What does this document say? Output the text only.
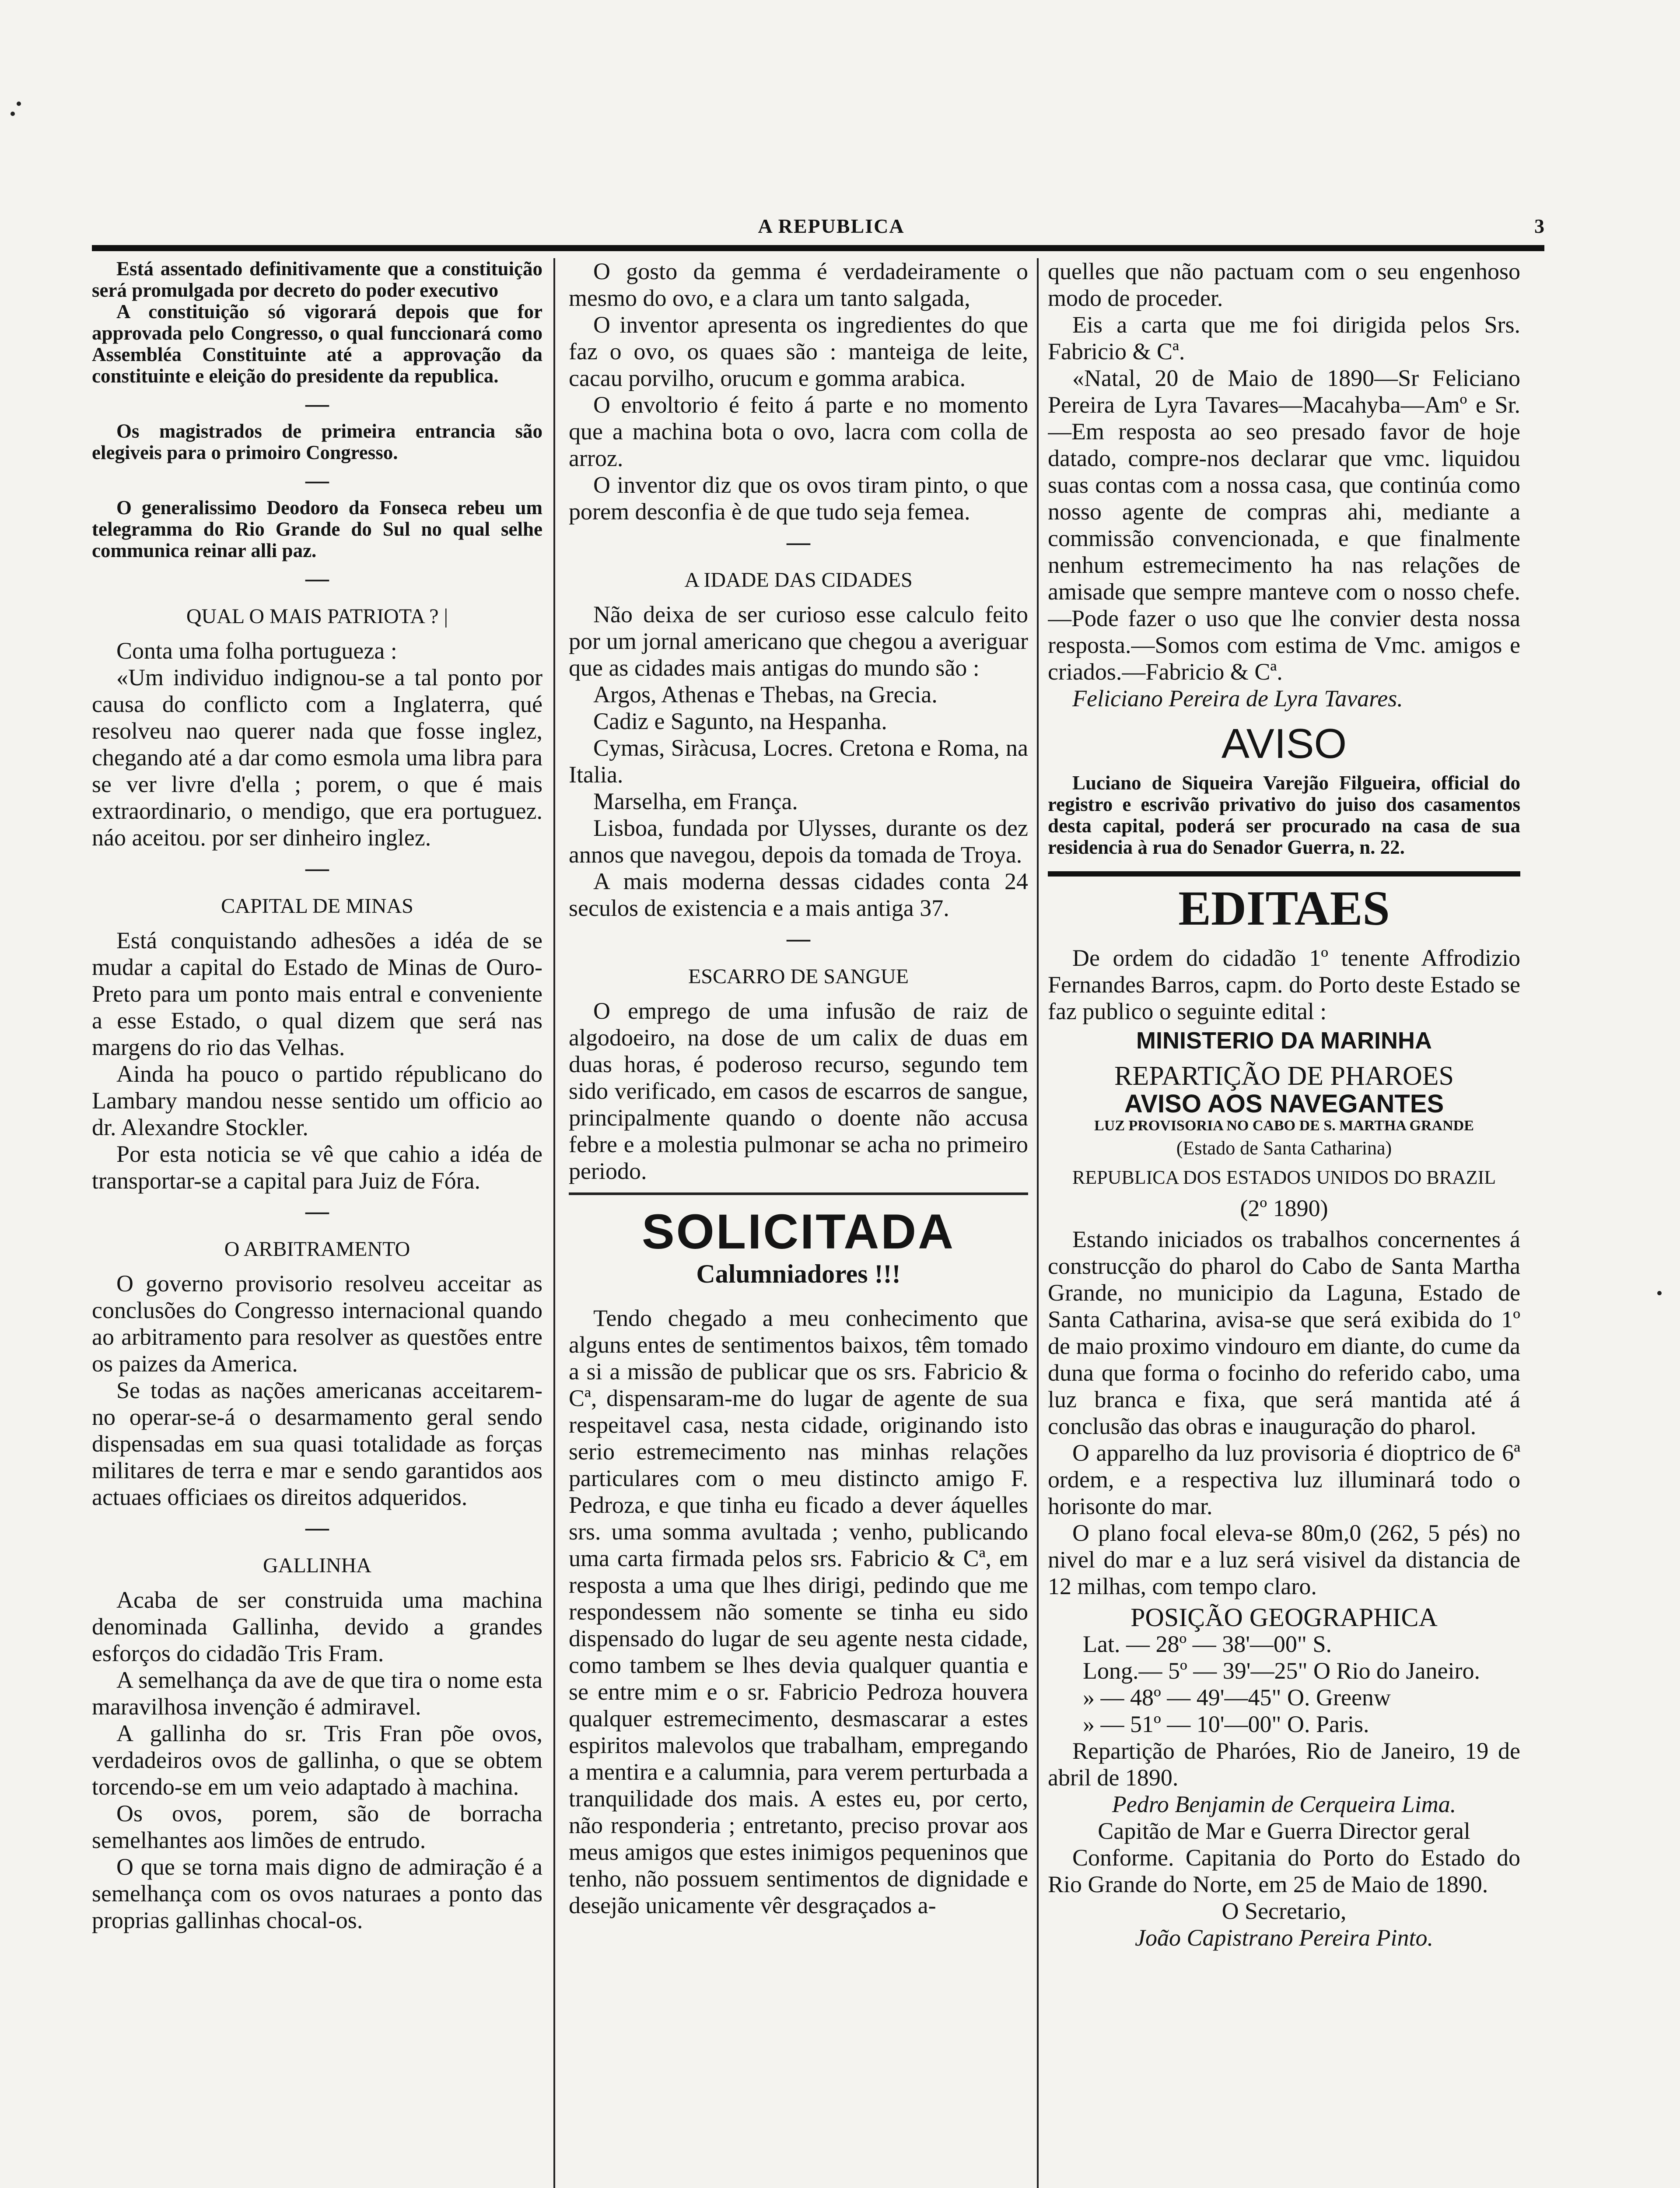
A REPUBLICA	3

Está assentado definitivamente que a constituição será promulgada por decreto do poder executivo

A constituição só vigorará depois que for approvada pelo Congresso, o qual funccionará como Assembléa Constituinte até a approvação da constituinte e eleição do presidente da republica.

—

Os magistrados de primeira entrancia são elegiveis para o primoiro Congresso.

—

O generalissimo Deodoro da Fonseca rebeu um telegramma do Rio Grande do Sul no qual selhe communica reinar alli paz.

—
QUAL O MAIS PATRIOTA ? |

Conta uma folha portugueza :

«Um individuo indignou-se a tal ponto por causa do conflicto com a Inglaterra, qué resolveu nao querer nada que fosse inglez, chegando até a dar como esmola uma libra para se ver livre d'ella ; porem, o que é mais extraordinario, o mendigo, que era portuguez. náo aceitou. por ser dinheiro inglez.

—
CAPITAL DE MINAS

Está conquistando adhesões a idéa de se mudar a capital do Estado de Minas de Ouro-Preto para um ponto mais entral e conveniente a esse Estado, o qual dizem que será nas margens do rio das Velhas.

Ainda ha pouco o partido républicano do Lambary mandou nesse sentido um officio ao dr. Alexandre Stockler.

Por esta noticia se vê que cahio a idéa de transportar-se a capital para Juiz de Fóra.

—
O ARBITRAMENTO

O governo provisorio resolveu acceitar as conclusões do Congresso internacional quando ao arbitramento para resolver as questões entre os paizes da America.

Se todas as nações americanas acceitarem-no operar-se-á o desarmamento geral sendo dispensadas em sua quasi totalidade as forças militares de terra e mar e sendo garantidos aos actuaes officiaes os direitos adqueridos.

—
GALLINHA

Acaba de ser construida uma machina denominada Gallinha, devido a grandes esforços do cidadão Tris Fram.

A semelhança da ave de que tira o nome esta maravilhosa invenção é admiravel.

A gallinha do sr. Tris Fran põe ovos, verdadeiros ovos de gallinha, o que se obtem torcendo-se em um veio adaptado à machina.

Os ovos, porem, são de borracha semelhantes aos limões de entrudo.

O que se torna mais digno de admiração é a semelhança com os ovos naturaes a ponto das proprias gallinhas chocal-os.

O gosto da gemma é verdadeiramente o mesmo do ovo, e a clara um tanto salgada,

O inventor apresenta os ingredientes do que faz o ovo, os quaes são : manteiga de leite, cacau porvilho, orucum e gomma arabica.

O envoltorio é feito á parte e no momento que a machina bota o ovo, lacra com colla de arroz.

O inventor diz que os ovos tiram pinto, o que porem desconfia è de que tudo seja femea.

—
A IDADE DAS CIDADES

Não deixa de ser curioso esse calculo feito por um jornal americano que chegou a averiguar que as cidades mais antigas do mundo são :

Argos, Athenas e Thebas, na Grecia.

Cadiz e Sagunto, na Hespanha.

Cymas, Siràcusa, Locres. Cretona e Roma, na Italia.

Marselha, em França.

Lisboa, fundada por Ulysses, durante os dez annos que navegou, depois da tomada de Troya.

A mais moderna dessas cidades conta 24 seculos de existencia e a mais antiga 37.

—
ESCARRO DE SANGUE

O emprego de uma infusão de raiz de algodoeiro, na dose de um calix de duas em duas horas, é poderoso recurso, segundo tem sido verificado, em casos de escarros de sangue, principalmente quando o doente não accusa febre e a molestia pulmonar se acha no primeiro periodo.

SOLICITADA
Calumniadores !!!

Tendo chegado a meu conhecimento que alguns entes de sentimentos baixos, têm tomado a si a missão de publicar que os srs. Fabricio & Cª, dispensaram-me do lugar de agente de sua respeitavel casa, nesta cidade, originando isto serio estremecimento nas minhas relações particulares com o meu distincto amigo F. Pedroza, e que tinha eu ficado a dever áquelles srs. uma somma avultada ; venho, publicando uma carta firmada pelos srs. Fabricio & Cª, em resposta a uma que lhes dirigi, pedindo que me respondessem não somente se tinha eu sido dispensado do lugar de seu agente nesta cidade, como tambem se lhes devia qualquer quantia e se entre mim e o sr. Fabricio Pedroza houvera qualquer estremecimento, desmascarar a estes espiritos malevolos que trabalham, empregando a mentira e a calumnia, para verem perturbada a tranquilidade dos mais. A estes eu, por certo, não responderia ; entretanto, preciso provar aos meus amigos que estes inimigos pequeninos que tenho, não possuem sentimentos de dignidade e desejão unicamente vêr desgraçados a-

quelles que não pactuam com o seu engenhoso modo de proceder.

Eis a carta que me foi dirigida pelos Srs. Fabricio & Cª.

«Natal, 20 de Maio de 1890—Sr Feliciano Pereira de Lyra Tavares—Macahyba—Amº e Sr.—Em resposta ao seo presado favor de hoje datado, compre-nos declarar que vmc. liquidou suas contas com a nossa casa, que continúa como nosso agente de compras ahi, mediante a commissão convencionada, e que finalmente nenhum estremecimento ha nas relações de amisade que sempre manteve com o nosso chefe.—Pode fazer o uso que lhe convier desta nossa resposta.—Somos com estima de Vmc. amigos e criados.—Fabricio & Cª.

Feliciano Pereira de Lyra Tavares.

AVISO

Luciano de Siqueira Varejão Filgueira, official do registro e escrivão privativo do juiso dos casamentos desta capital, poderá ser procurado na casa de sua residencia à rua do Senador Guerra, n. 22.

EDITAES

De ordem do cidadão 1º tenente Affrodizio Fernandes Barros, capm. do Porto deste Estado se faz publico o seguinte edital :

MINISTERIO DA MARINHA
REPARTIÇÃO DE PHAROES
AVISO AOS NAVEGANTES
LUZ PROVISORIA NO CABO DE S. MARTHA GRANDE
(Estado de Santa Catharina)
REPUBLICA DOS ESTADOS UNIDOS DO BRAZIL
(2º 1890)

Estando iniciados os trabalhos concernentes á construcção do pharol do Cabo de Santa Martha Grande, no municipio da Laguna, Estado de Santa Catharina, avisa-se que será exibida do 1º de maio proximo vindouro em diante, do cume da duna que forma o focinho do referido cabo, uma luz branca e fixa, que será mantida até á conclusão das obras e inauguração do pharol.

O apparelho da luz provisoria é dioptrico de 6ª ordem, e a respectiva luz illuminará todo o horisonte do mar.

O plano focal eleva-se 80m,0 (262, 5 pés) no nivel do mar e a luz será visivel da distancia de 12 milhas, com tempo claro.

POSIÇÃO GEOGRAPHICA

Lat. — 28º — 38'—00" S.

Long.— 5º — 39'—25" O Rio do Janeiro.

» — 48º — 49'—45" O. Greenw

» — 51º — 10'—00" O. Paris.

Repartição de Pharóes, Rio de Janeiro, 19 de abril de 1890.

Pedro Benjamin de Cerqueira Lima.

Capitão de Mar e Guerra Director geral

Conforme. Capitania do Porto do Estado do Rio Grande do Norte, em 25 de Maio de 1890.

O Secretario,

João Capistrano Pereira Pinto.
